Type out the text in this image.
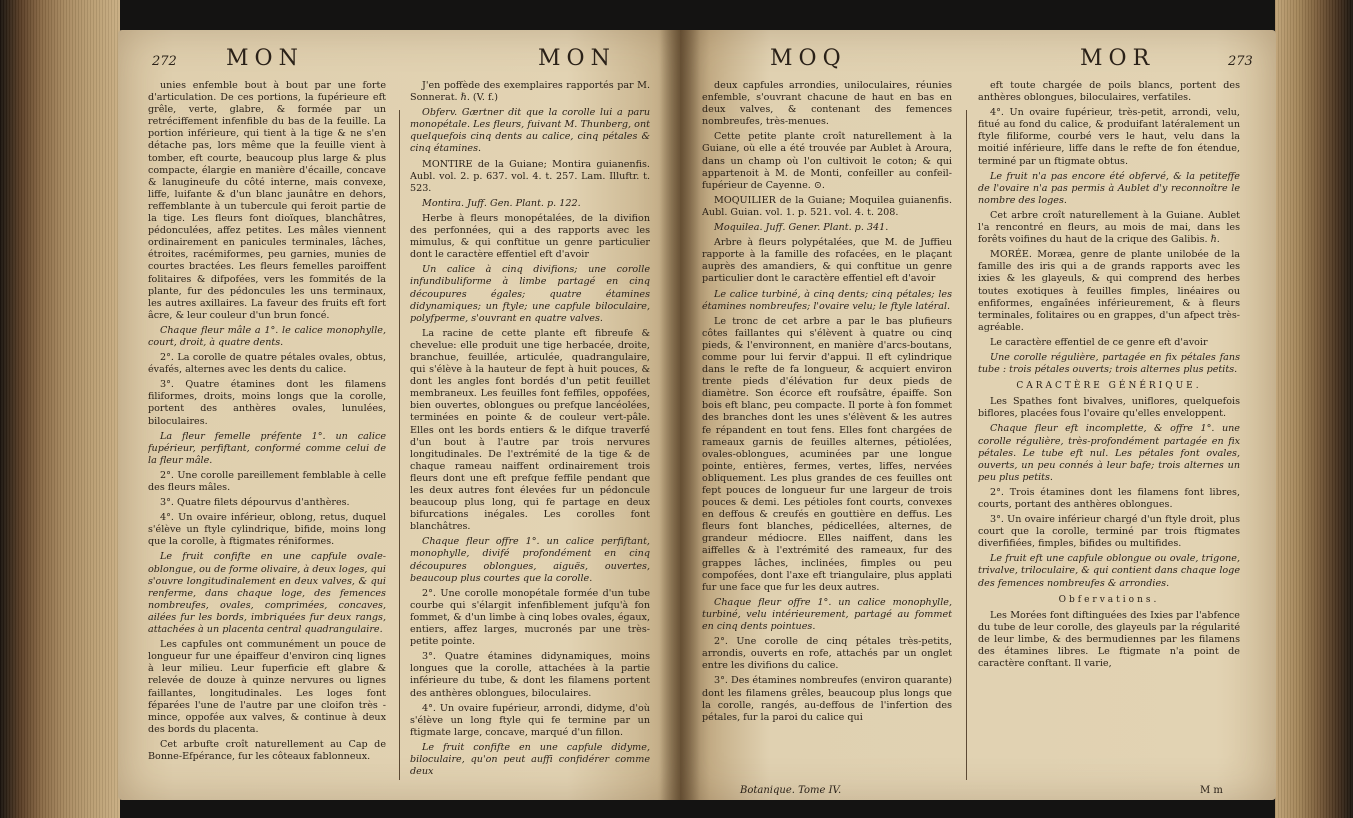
272 MON	MON

unies enfemble bout à bout par une forte d'articulation. De ces portions, la fupérieure eft grêle, verte, glabre, & formée par un retréciffement infenfible du bas de la feuille. La portion inférieure, qui tient à la tige & ne s'en détache pas, lors même que la feuille vient à tomber, eft courte, beaucoup plus large & plus compacte, élargie en manière d'écaille, concave & lanugineufe du côté interne, mais convexe, liffe, luifante & d'un blanc jaunâtre en dehors, reffemblante à un tubercule qui feroit partie de la tige. Les fleurs font dioïques, blanchâtres, pédonculées, affez petites. Les mâles viennent ordinairement en panicules terminales, lâches, étroites, racémiformes, peu garnies, munies de courtes bractées. Les fleurs femelles paroiffent folitaires & difpofées, vers les fommités de la plante, fur des pédoncules les uns terminaux, les autres axillaires. La faveur des fruits eft fort âcre, & leur couleur d'un brun foncé.

Chaque fleur mâle a 1°. le calice monophylle, court, droit, à quatre dents.

2°. La corolle de quatre pétales ovales, obtus, évafés, alternes avec les dents du calice.

3°. Quatre étamines dont les filamens filiformes, droits, moins longs que la corolle, portent des anthères ovales, lunulées, biloculaires.

La fleur femelle préfente 1°. un calice fupérieur, perfiftant, conformé comme celui de la fleur mâle.

2°. Une corolle pareillement femblable à celle des fleurs mâles.

3°. Quatre filets dépourvus d'anthères.

4°. Un ovaire inférieur, oblong, retus, duquel s'élève un ftyle cylindrique, bifide, moins long que la corolle, à ftigmates réniformes.

Le fruit confifte en une capfule ovale-oblongue, ou de forme olivaire, à deux loges, qui s'ouvre longitudinalement en deux valves, & qui renferme, dans chaque loge, des femences nombreufes, ovales, comprimées, concaves, ailées fur les bords, imbriquées fur deux rangs, attachées à un placenta central quadrangulaire.

Les capfules ont communément un pouce de longueur fur une épaiffeur d'environ cinq lignes à leur milieu. Leur fuperficie eft glabre & relevée de douze à quinze nervures ou lignes faillantes, longitudinales. Les loges font féparées l'une de l'autre par une cloifon très - mince, oppofée aux valves, & continue à deux des bords du placenta.

Cet arbufte croît naturellement au Cap de Bonne-Efpérance, fur les côteaux fablonneux.

J'en poffède des exemplaires rapportés par M. Sonnerat. ℏ. (V. f.)

Obferv. Gærtner dit que la corolle lui a paru monopétale. Les fleurs, fuivant M. Thunberg, ont quelquefois cinq dents au calice, cinq pétales & cinq étamines.

MONTIRE de la Guiane; Montira guianenfis. Aubl. vol. 2. p. 637. vol. 4. t. 257. Lam. Illuftr. t. 523.

Montira. Juff. Gen. Plant. p. 122.

Herbe à fleurs monopétalées, de la divifion des perfonnées, qui a des rapports avec les mimulus, & qui conftitue un genre particulier dont le caractère effentiel eft d'avoir

Un calice à cinq divifions; une corolle infundibuliforme à limbe partagé en cinq découpures égales; quatre étamines didynamiques; un ftyle; une capfule biloculaire, polyfperme, s'ouvrant en quatre valves.

La racine de cette plante eft fibreufe & chevelue: elle produit une tige herbacée, droite, branchue, feuillée, articulée, quadrangulaire, qui s'élève à la hauteur de fept à huit pouces, & dont les angles font bordés d'un petit feuillet membraneux. Les feuilles font feffiles, oppofées, bien ouvertes, oblongues ou prefque lancéolées, terminées en pointe & de couleur vert-pâle. Elles ont les bords entiers & le difque traverfé d'un bout à l'autre par trois nervures longitudinales. De l'extrémité de la tige & de chaque rameau naiffent ordinairement trois fleurs dont une eft prefque feffile pendant que les deux autres font élevées fur un pédoncule beaucoup plus long, qui fe partage en deux bifurcations inégales. Les corolles font blanchâtres.

Chaque fleur offre 1°. un calice perfiftant, monophylle, divifé profondément en cinq découpures oblongues, aiguës, ouvertes, beaucoup plus courtes que la corolle.

2°. Une corolle monopétale formée d'un tube courbe qui s'élargit infenfiblement jufqu'à fon fommet, & d'un limbe à cinq lobes ovales, égaux, entiers, affez larges, mucronés par une très-petite pointe.

3°. Quatre étamines didynamiques, moins longues que la corolle, attachées à la partie inférieure du tube, & dont les filamens portent des anthères oblongues, biloculaires.

4°. Un ovaire fupérieur, arrondi, didyme, d'où s'élève un long ftyle qui fe termine par un ftigmate large, concave, marqué d'un fillon.

Le fruit confifte en une capfule didyme, biloculaire, qu'on peut auffi confidérer comme deux

MOQ	MOR	273

deux capfules arrondies, uniloculaires, réunies enfemble, s'ouvrant chacune de haut en bas en deux valves, & contenant des femences nombreufes, très-menues.

Cette petite plante croît naturellement à la Guiane, où elle a été trouvée par Aublet à Aroura, dans un champ où l'on cultivoit le coton; & qui appartenoit à M. de Monti, confeiller au confeil-fupérieur de Cayenne. ⊙.

MOQUILIER de la Guiane; Moquilea guianenfis. Aubl. Guian. vol. 1. p. 521. vol. 4. t. 208.

Moquilea. Juff. Gener. Plant. p. 341.

Arbre à fleurs polypétalées, que M. de Juffieu rapporte à la famille des rofacées, en le plaçant auprès des amandiers, & qui conftitue un genre particulier dont le caractère effentiel eft d'avoir

Le calice turbiné, à cinq dents; cinq pétales; les étamines nombreufes; l'ovaire velu; le ftyle latéral.

Le tronc de cet arbre a par le bas plufieurs côtes faillantes qui s'élèvent à quatre ou cinq pieds, & l'environnent, en manière d'arcs-boutans, comme pour lui fervir d'appui. Il eft cylindrique dans le refte de fa longueur, & acquiert environ trente pieds d'élévation fur deux pieds de diamètre. Son écorce eft roufsâtre, épaiffe. Son bois eft blanc, peu compacte. Il porte à fon fommet des branches dont les unes s'élèvent & les autres fe répandent en tout fens. Elles font chargées de rameaux garnis de feuilles alternes, pétiolées, ovales-oblongues, acuminées par une longue pointe, entières, fermes, vertes, liffes, nervées obliquement. Les plus grandes de ces feuilles ont fept pouces de longueur fur une largeur de trois pouces & demi. Les pétioles font courts, convexes en deffous & creufés en gouttière en deffus. Les fleurs font blanches, pédicellées, alternes, de grandeur médiocre. Elles naiffent, dans les aiffelles & à l'extrémité des rameaux, fur des grappes lâches, inclinées, fimples ou peu compofées, dont l'axe eft triangulaire, plus applati fur une face que fur les deux autres.

Chaque fleur offre 1°. un calice monophylle, turbiné, velu intérieurement, partagé au fommet en cinq dents pointues.

2°. Une corolle de cinq pétales très-petits, arrondis, ouverts en rofe, attachés par un onglet entre les divifions du calice.

3°. Des étamines nombreufes (environ quarante) dont les filamens grêles, beaucoup plus longs que la corolle, rangés, au-deffous de l'infertion des pétales, fur la paroi du calice qui

eft toute chargée de poils blancs, portent des anthères oblongues, biloculaires, verfatiles.

4°. Un ovaire fupérieur, très-petit, arrondi, velu, fitué au fond du calice, & produifant latéralement un ftyle filiforme, courbé vers le haut, velu dans la moitié inférieure, liffe dans le refte de fon étendue, terminé par un ftigmate obtus.

Le fruit n'a pas encore été obfervé, & la petiteffe de l'ovaire n'a pas permis à Aublet d'y reconnoître le nombre des loges.

Cet arbre croît naturellement à la Guiane. Aublet l'a rencontré en fleurs, au mois de mai, dans les forêts voifines du haut de la crique des Galibis. ℏ.

MORÉE. Moræa, genre de plante unilobée de la famille des iris qui a de grands rapports avec les ixies & les glayeuls, & qui comprend des herbes toutes exotiques à feuilles fimples, linéaires ou enfiformes, engaînées inférieurement, & à fleurs terminales, folitaires ou en grappes, d'un afpect très-agréable.

Le caractère effentiel de ce genre eft d'avoir

Une corolle régulière, partagée en fix pétales fans tube : trois pétales ouverts; trois alternes plus petits.

CARACTÈRE GÉNÉRIQUE.

Les Spathes font bivalves, uniflores, quelquefois biflores, placées fous l'ovaire qu'elles enveloppent.

Chaque fleur eft incomplette, & offre 1°. une corolle régulière, très-profondément partagée en fix pétales. Le tube eft nul. Les pétales font ovales, ouverts, un peu connés à leur bafe; trois alternes un peu plus petits.

2°. Trois étamines dont les filamens font libres, courts, portant des anthères oblongues.

3°. Un ovaire inférieur chargé d'un ftyle droit, plus court que la corolle, terminé par trois ftigmates diverfifiées, fimples, bifides ou multifides.

Le fruit eft une capfule oblongue ou ovale, trigone, trivalve, triloculaire, & qui contient dans chaque loge des femences nombreufes & arrondies.

Obfervations.

Les Morées font diftinguées des Ixies par l'abfence du tube de leur corolle, des glayeuls par la régularité de leur limbe, & des bermudiennes par les filamens des étamines libres. Le ftigmate n'a point de caractère conftant. Il varie,

Botanique. Tome IV.	M m
